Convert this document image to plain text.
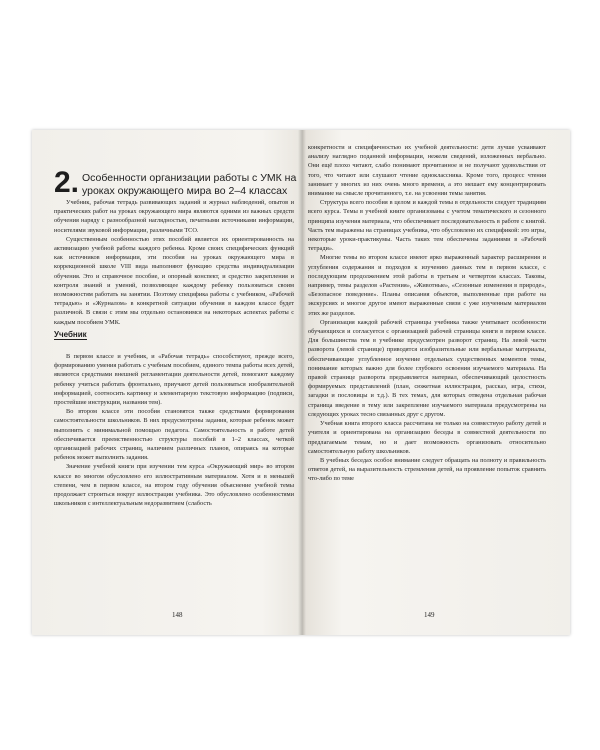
2. Особенности организации работы с УМК на уроках окружающего мира во 2–4 классах

Учебник, рабочая тетрадь развивающих заданий и журнал наблюдений, опытов и практических работ на уроках окружающего мира являются одними из важных средств обучения наряду с разнообразной наглядностью, печатными источниками информации, носителями звуковой информации, различными ТСО.

Существенным особенностью этих пособий является их ориентированность на активизацию учебной работы каждого ребенка. Кроме своих специфических функций как источников информации, эти пособия на уроках окружающего мира в коррекционной школе VIII вида выполняют функцию средства индивидуализации обучения. Это и справочное пособие, и опорный конспект, и средство закрепления и контроля знаний и умений, позволяющее каждому ребенку пользоваться своим возможностям работать на занятии. Поэтому специфика работы с учебником, «Рабочей тетрадью» и «Журналом» в конкретной ситуации обучения в каждом классе будет различной. В связи с этим мы отдельно остановимся на некоторых аспектах работы с каждым пособием УМК.

Учебник

В первом классе и учебник, и «Рабочая тетрадь» способствуют, прежде всего, формированию умения работать с учебным пособием, единого темпа работы всех детей, являются средствами внешней регламентации деятельности детей, помогают каждому ребенку учиться работать фронтально, приучают детей пользоваться изобразительной информацией, соотносить картинку и элементарную текстовую информацию (подписи, простейшие инструкции, названия тем).

Во втором классе эти пособия становятся также средствами формирования самостоятельности школьников. В них предусмотрены задания, которые ребенок может выполнить с минимальной помощью педагога. Самостоятельность в работе детей обеспечивается преемственностью структуры пособий в 1–2 классах, четкой организацией рабочих страниц, наличием различных планов, опираясь на которые ребенок может выполнить задания.

Значение учебной книги при изучении тем курса «Окружающий мир» во втором классе во многом обусловлено его иллюстративным материалом. Хотя и в меньшей степени, чем в первом классе, на втором году обучения объяснение учебной темы продолжает строиться вокруг иллюстрации учебника. Это обусловлено особенностями школьников с интеллектуальным недоразвитием (слабость

148

конкретности и специфичностью их учебной деятельности: дети лучше усваивают анализу наглядно поданной информации, нежели сведений, изложенных вербально. Они ещё плохо читают, слабо понимают прочитанное и не получают удовольствия от того, что читают или слушают чтение одноклассника. Кроме того, процесс чтения занимает у многих из них очень много времени, а это мешает ему концентрировать внимание на смысле прочитанного, т.е. на усвоении темы занятия.

Структура всего пособия в целом и каждой темы в отдельности следует традициям всего курса. Темы в учебной книге организованы с учетом тематического и сезонного принципа изучения материала, что обеспечивает последовательность в работе с книгой. Часть тем выражены на страницах учебника, что обусловлено их спецификой: это игры, некоторые уроки-практикумы. Часть таких тем обеспечены заданиями в «Рабочей тетради».

Многие темы во втором классе имеют ярко выраженный характер расширения и углубления содержания и подходов к изучению данных тем в первом классе, с последующим продолжением этой работы в третьем и четвертом классах. Таковы, например, темы разделов «Растения», «Животные», «Сезонные изменения в природе», «Безопасное поведение». Планы описания объектов, выполненные при работе на экскурсиях и многое другое имеют выраженные связи с уже изученным материалом этих же разделов.

Организация каждой рабочей страницы учебника также учитывает особенности обучающихся и согласуется с организацией рабочей страницы книги в первом классе. Для большинства тем в учебнике предусмотрен разворот страниц. На левой части разворота (левой странице) приводятся изобразительные или вербальные материалы, обеспечивающие углубленное изучение отдельных существенных моментов темы, понимание которых важно для более глубокого освоения изучаемого материала. На правой странице разворота предъявляется материал, обеспечивающий целостность формируемых представлений (план, сюжетная иллюстрация, рассказ, игра, стихи, загадки и пословицы и т.д.). В тех темах, для которых отведена отдельная рабочая страница введение в тему или закрепление изучаемого материала предусмотрены на следующих уроках тесно связанных друг с другом.

Учебная книга второго класса рассчитана не только на совместную работу детей и учителя и ориентирована на организацию беседы в совместной деятельности по предлагаемым темам, но и дает возможность организовать относительно самостоятельную работу школьников.

В учебных беседах особое внимание следует обращать на полноту и правильность ответов детей, на выразительность стремления детей, на проявление попыток сравнить что-либо по теме

149
